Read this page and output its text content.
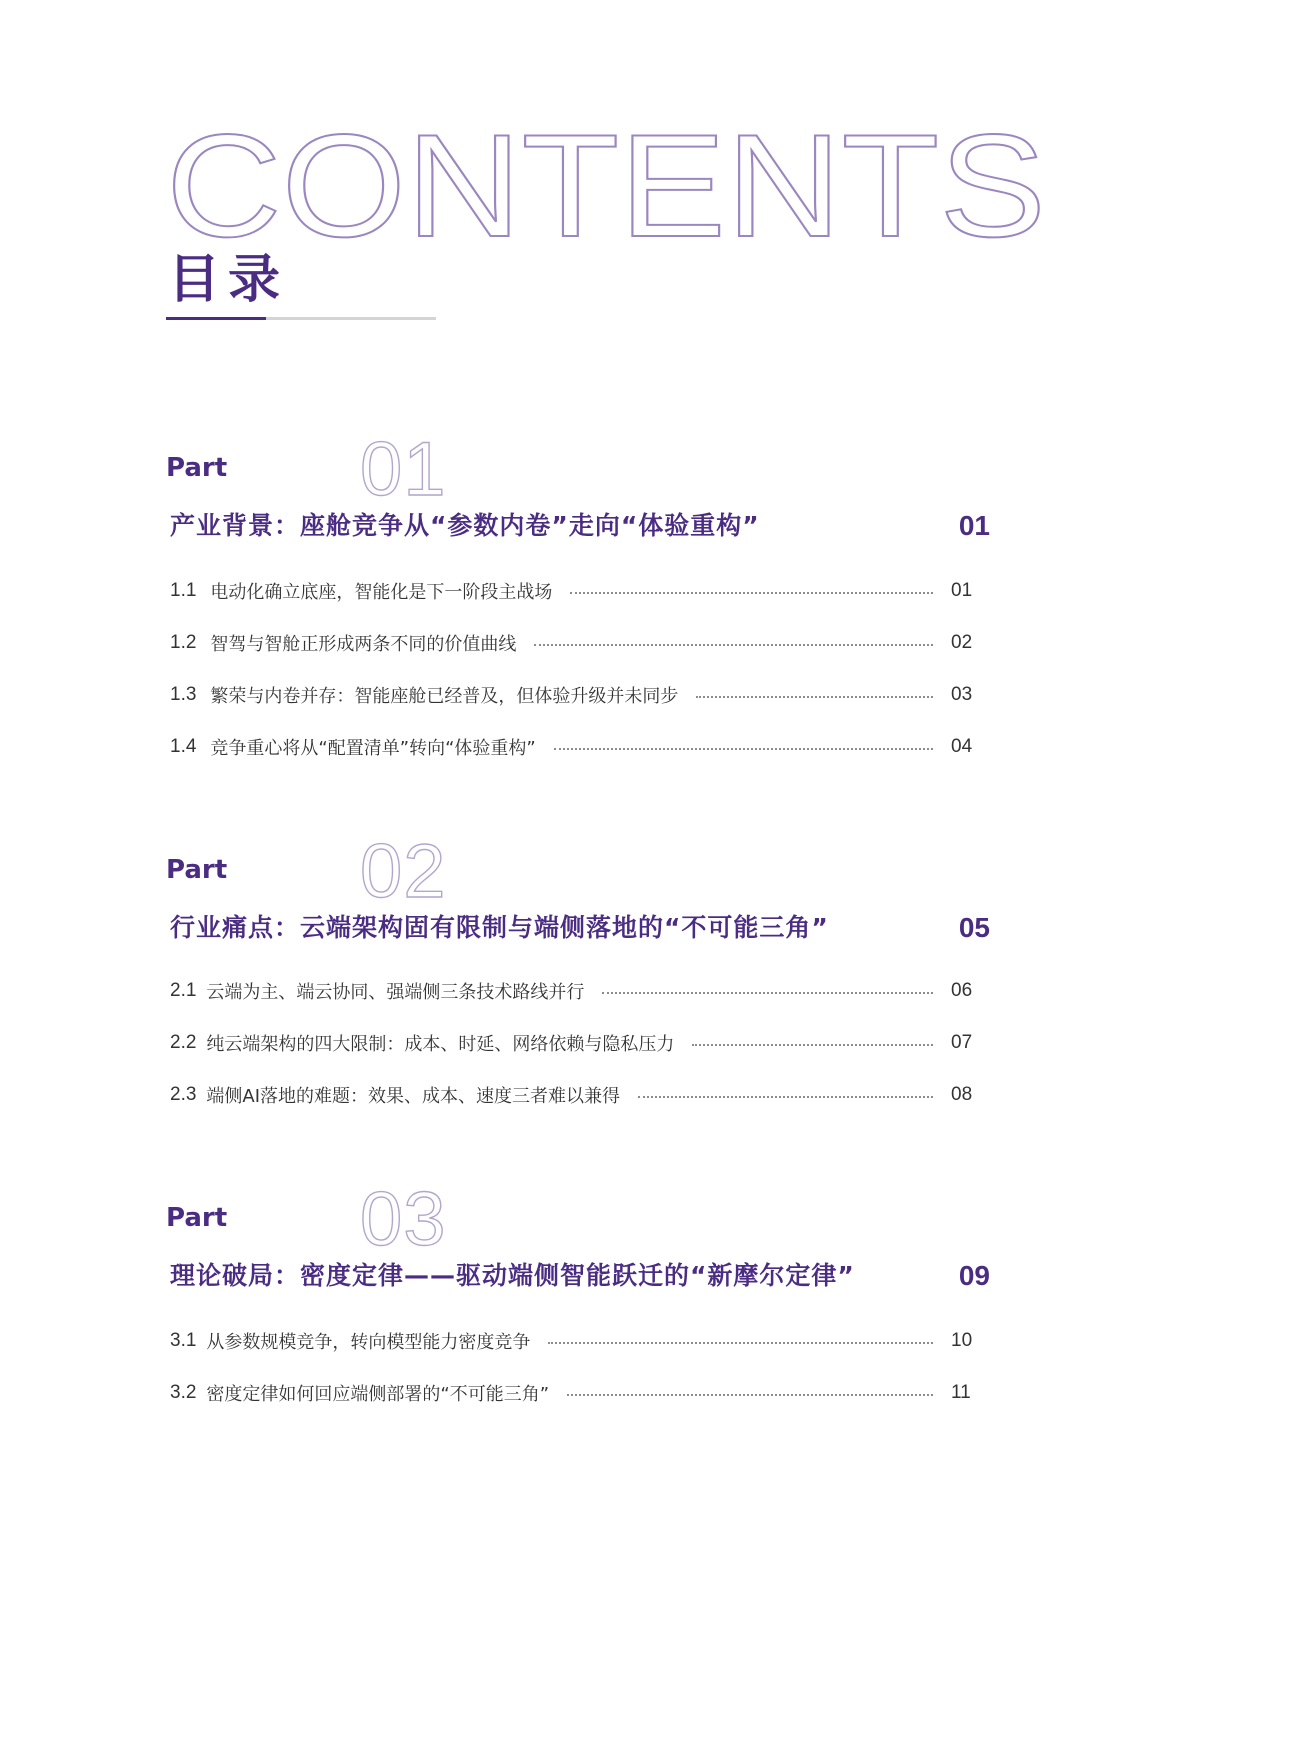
CONTENTS
目录
01
Part
产业背景：座舱竞争从“参数内卷”走向“体验重构”	01
1.1 电动化确立底座，智能化是下一阶段主战场	01
1.2 智驾与智舱正形成两条不同的价值曲线	02
1.3 繁荣与内卷并存：智能座舱已经普及，但体验升级并未同步	03
1.4 竞争重心将从“配置清单”转向“体验重构”	04
02
Part
行业痛点：云端架构固有限制与端侧落地的“不可能三角”	05
2.1 云端为主、端云协同、强端侧三条技术路线并行	06
2.2 纯云端架构的四大限制：成本、时延、网络依赖与隐私压力	07
2.3 端侧AI落地的难题：效果、成本、速度三者难以兼得	08
03
Part
理论破局：密度定律——驱动端侧智能跃迁的“新摩尔定律”	09
3.1 从参数规模竞争，转向模型能力密度竞争	10
3.2 密度定律如何回应端侧部署的“不可能三角”	11
